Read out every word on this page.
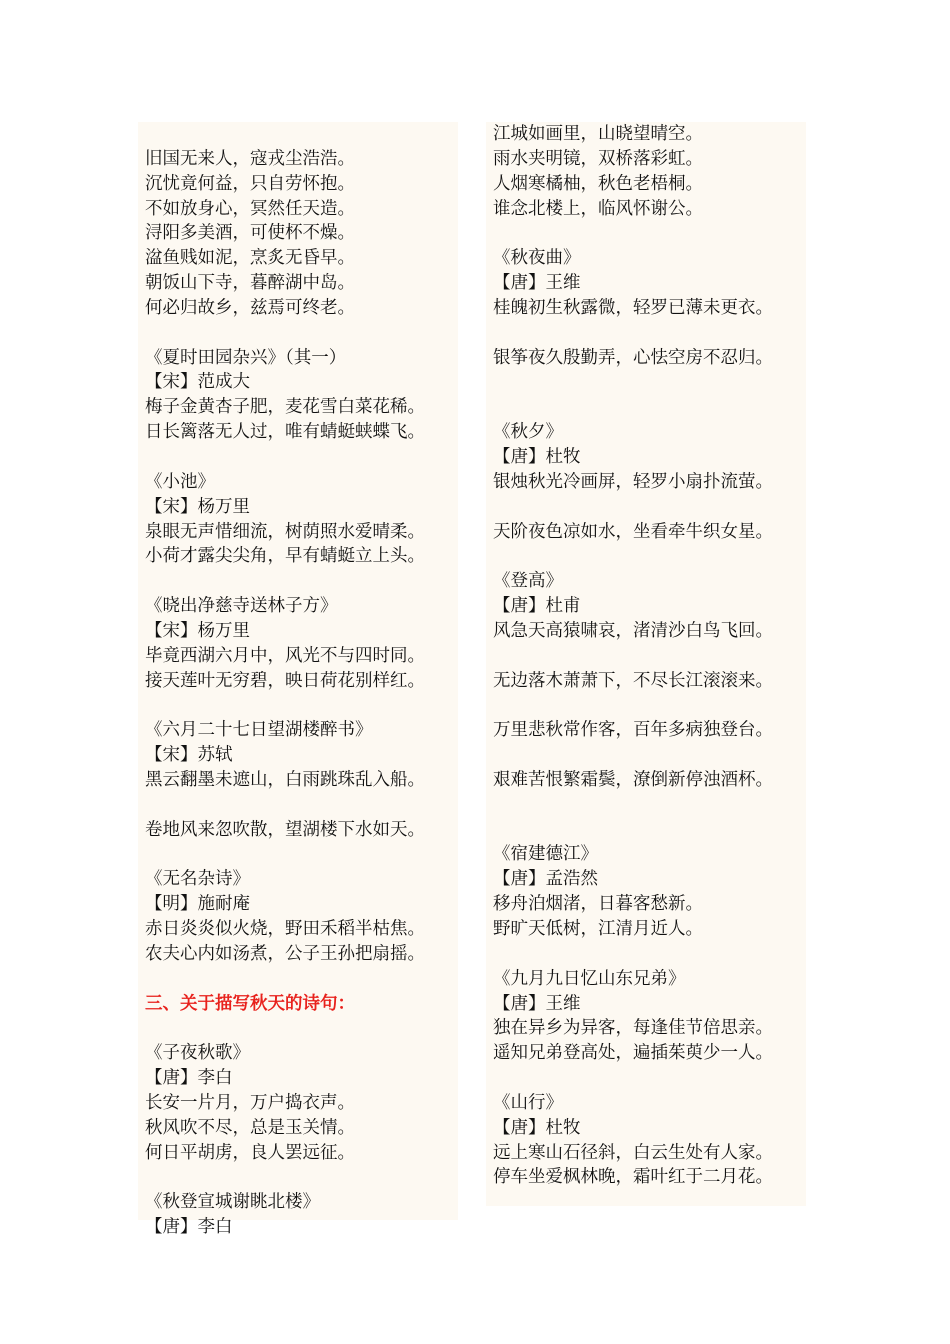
旧国无来人，寇戎尘浩浩。
沉忧竟何益，只自劳怀抱。
不如放身心，冥然任天造。
浔阳多美酒，可使杯不燥。
湓鱼贱如泥，烹炙无昏早。
朝饭山下寺，暮醉湖中岛。
何必归故乡，兹焉可终老。
《夏时田园杂兴》（其一）
【宋】范成大
梅子金黄杏子肥，麦花雪白菜花稀。
日长篱落无人过，唯有蜻蜓蛱蝶飞。
《小池》
【宋】杨万里
泉眼无声惜细流，树荫照水爱晴柔。
小荷才露尖尖角，早有蜻蜓立上头。
《晓出净慈寺送林子方》
【宋】杨万里
毕竟西湖六月中，风光不与四时同。
接天莲叶无穷碧，映日荷花别样红。
《六月二十七日望湖楼醉书》
【宋】苏轼
黑云翻墨未遮山，白雨跳珠乱入船。
卷地风来忽吹散，望湖楼下水如天。
《无名杂诗》
【明】施耐庵
赤日炎炎似火烧，野田禾稻半枯焦。
农夫心内如汤煮，公子王孙把扇摇。
三、关于描写秋天的诗句：
《子夜秋歌》
【唐】李白
长安一片月，万户捣衣声。
秋风吹不尽，总是玉关情。
何日平胡虏，良人罢远征。
《秋登宣城谢眺北楼》
【唐】李白
江城如画里，山晓望晴空。
雨水夹明镜，双桥落彩虹。
人烟寒橘柚，秋色老梧桐。
谁念北楼上，临风怀谢公。
《秋夜曲》
【唐】王维
桂魄初生秋露微，轻罗已薄未更衣。
银筝夜久殷勤弄，心怯空房不忍归。
《秋夕》
【唐】杜牧
银烛秋光冷画屏，轻罗小扇扑流萤。
天阶夜色凉如水，坐看牵牛织女星。
《登高》
【唐】杜甫
风急天高猿啸哀，渚清沙白鸟飞回。
无边落木萧萧下，不尽长江滚滚来。
万里悲秋常作客，百年多病独登台。
艰难苦恨繁霜鬓，潦倒新停浊酒杯。
《宿建德江》
【唐】孟浩然
移舟泊烟渚，日暮客愁新。
野旷天低树，江清月近人。
《九月九日忆山东兄弟》
【唐】王维
独在异乡为异客，每逢佳节倍思亲。
遥知兄弟登高处，遍插茱萸少一人。
《山行》
【唐】杜牧
远上寒山石径斜，白云生处有人家。
停车坐爱枫林晚，霜叶红于二月花。
